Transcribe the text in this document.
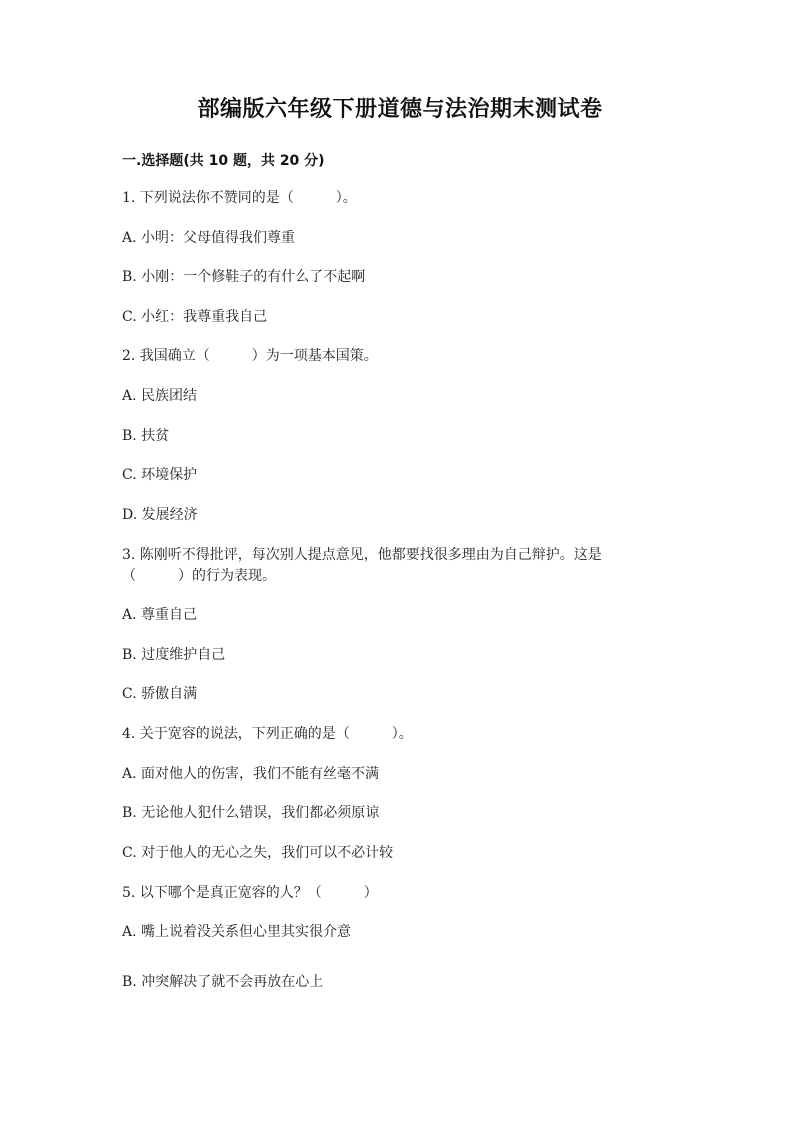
部编版六年级下册道德与法治期末测试卷
一.选择题(共 10 题，共 20 分)
1. 下列说法你不赞同的是（　　　）。
A. 小明：父母值得我们尊重
B. 小刚：一个修鞋子的有什么了不起啊
C. 小红：我尊重我自己
2. 我国确立（　　　）为一项基本国策。
A. 民族团结
B. 扶贫
C. 环境保护
D. 发展经济
3. 陈刚听不得批评，每次别人提点意见，他都要找很多理由为自己辩护。这是
（　　　）的行为表现。
A. 尊重自己
B. 过度维护自己
C. 骄傲自满
4. 关于宽容的说法，下列正确的是（　　　）。
A. 面对他人的伤害，我们不能有丝毫不满
B. 无论他人犯什么错误，我们都必须原谅
C. 对于他人的无心之失，我们可以不必计较
5. 以下哪个是真正宽容的人？（　　　）
A. 嘴上说着没关系但心里其实很介意
B. 冲突解决了就不会再放在心上
